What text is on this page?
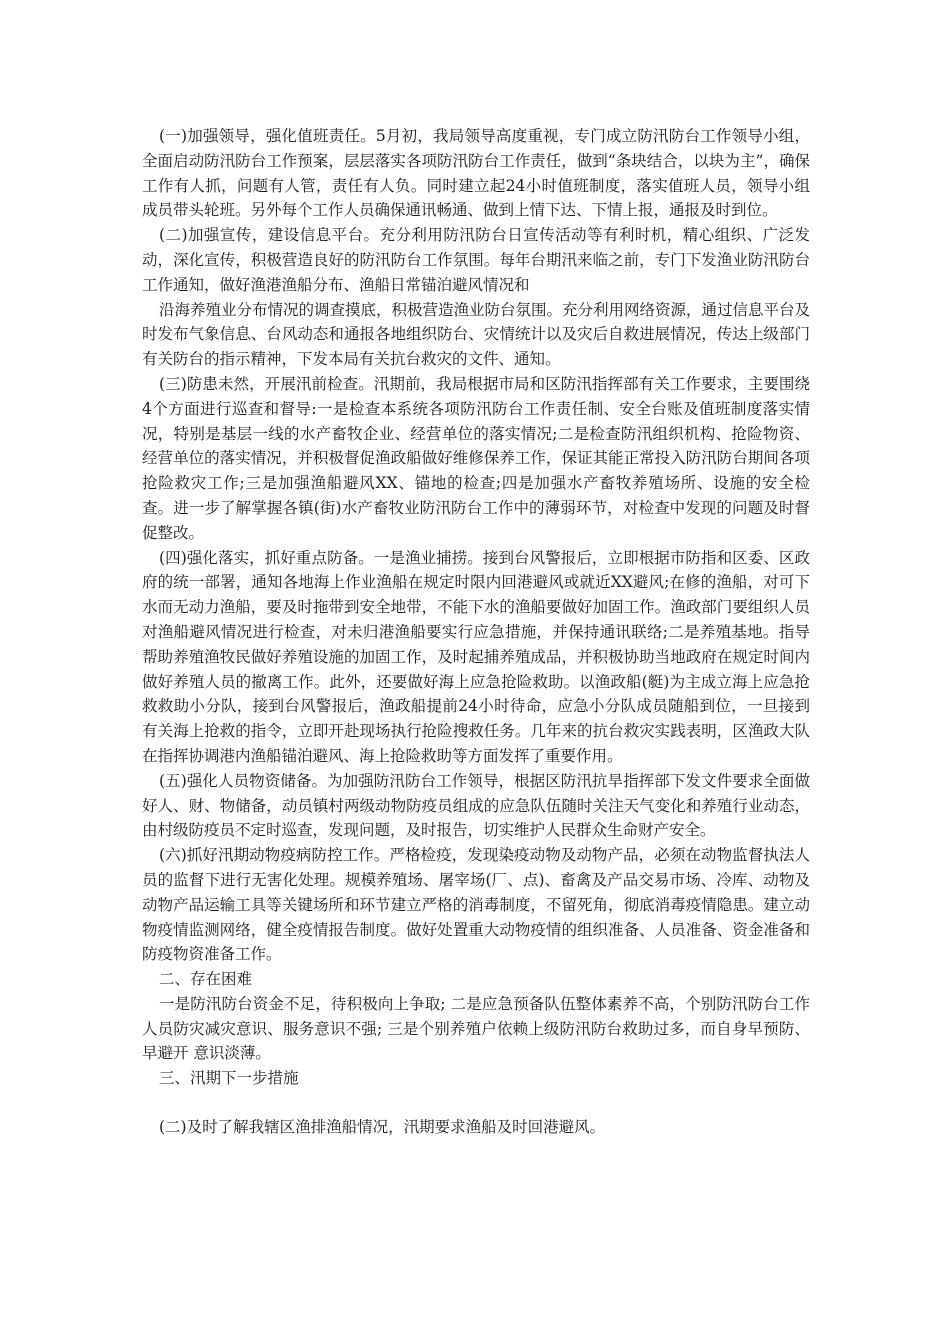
(一)加强领导，强化值班责任。5月初，我局领导高度重视，专门成立防汛防台工作领导小组，全面启动防汛防台工作预案，层层落实各项防汛防台工作责任，做到“条块结合，以块为主”，确保工作有人抓，问题有人管，责任有人负。同时建立起24小时值班制度，落实值班人员，领导小组成员带头轮班。另外每个工作人员确保通讯畅通、做到上情下达、下情上报，通报及时到位。

(二)加强宣传，建设信息平台。充分利用防汛防台日宣传活动等有利时机，精心组织、广泛发动，深化宣传，积极营造良好的防汛防台工作氛围。每年台期汛来临之前，专门下发渔业防汛防台工作通知，做好渔港渔船分布、渔船日常锚泊避风情况和

沿海养殖业分布情况的调查摸底，积极营造渔业防台氛围。充分利用网络资源，通过信息平台及时发布气象信息、台风动态和通报各地组织防台、灾情统计以及灾后自救进展情况，传达上级部门有关防台的指示精神，下发本局有关抗台救灾的文件、通知。

(三)防患未然，开展汛前检查。汛期前，我局根据市局和区防汛指挥部有关工作要求，主要围绕4个方面进行巡查和督导:一是检查本系统各项防汛防台工作责任制、安全台账及值班制度落实情况，特别是基层一线的水产畜牧企业、经营单位的落实情况;二是检查防汛组织机构、抢险物资、经营单位的落实情况，并积极督促渔政船做好维修保养工作，保证其能正常投入防汛防台期间各项抢险救灾工作;三是加强渔船避风XX、锚地的检查;四是加强水产畜牧养殖场所、设施的安全检查。进一步了解掌握各镇(街)水产畜牧业防汛防台工作中的薄弱环节，对检查中发现的问题及时督促整改。

(四)强化落实，抓好重点防备。一是渔业捕捞。接到台风警报后，立即根据市防指和区委、区政府的统一部署，通知各地海上作业渔船在规定时限内回港避风或就近XX避风;在修的渔船，对可下水而无动力渔船，要及时拖带到安全地带，不能下水的渔船要做好加固工作。渔政部门要组织人员对渔船避风情况进行检查，对未归港渔船要实行应急措施，并保持通讯联络;二是养殖基地。指导帮助养殖渔牧民做好养殖设施的加固工作，及时起捕养殖成品，并积极协助当地政府在规定时间内做好养殖人员的撤离工作。此外，还要做好海上应急抢险救助。以渔政船(艇)为主成立海上应急抢救救助小分队，接到台风警报后，渔政船提前24小时待命，应急小分队成员随船到位，一旦接到有关海上抢救的指令，立即开赴现场执行抢险搜救任务。几年来的抗台救灾实践表明，区渔政大队在指挥协调港内渔船锚泊避风、海上抢险救助等方面发挥了重要作用。

(五)强化人员物资储备。为加强防汛防台工作领导，根据区防汛抗旱指挥部下发文件要求全面做好人、财、物储备，动员镇村两级动物防疫员组成的应急队伍随时关注天气变化和养殖行业动态，由村级防疫员不定时巡查，发现问题，及时报告，切实维护人民群众生命财产安全。

(六)抓好汛期动物疫病防控工作。严格检疫，发现染疫动物及动物产品，必须在动物监督执法人员的监督下进行无害化处理。规模养殖场、屠宰场(厂、点)、畜禽及产品交易市场、冷库、动物及动物产品运输工具等关键场所和环节建立严格的消毒制度，不留死角，彻底消毒疫情隐患。建立动物疫情监测网络，健全疫情报告制度。做好处置重大动物疫情的组织准备、人员准备、资金准备和防疫物资准备工作。

二、存在困难

一是防汛防台资金不足，待积极向上争取; 二是应急预备队伍整体素养不高，个别防汛防台工作人员防灾减灾意识、服务意识不强; 三是个别养殖户依赖上级防汛防台救助过多，而自身早预防、早避开 意识淡薄。

三、汛期下一步措施

(二)及时了解我辖区渔排渔船情况，汛期要求渔船及时回港避风。
